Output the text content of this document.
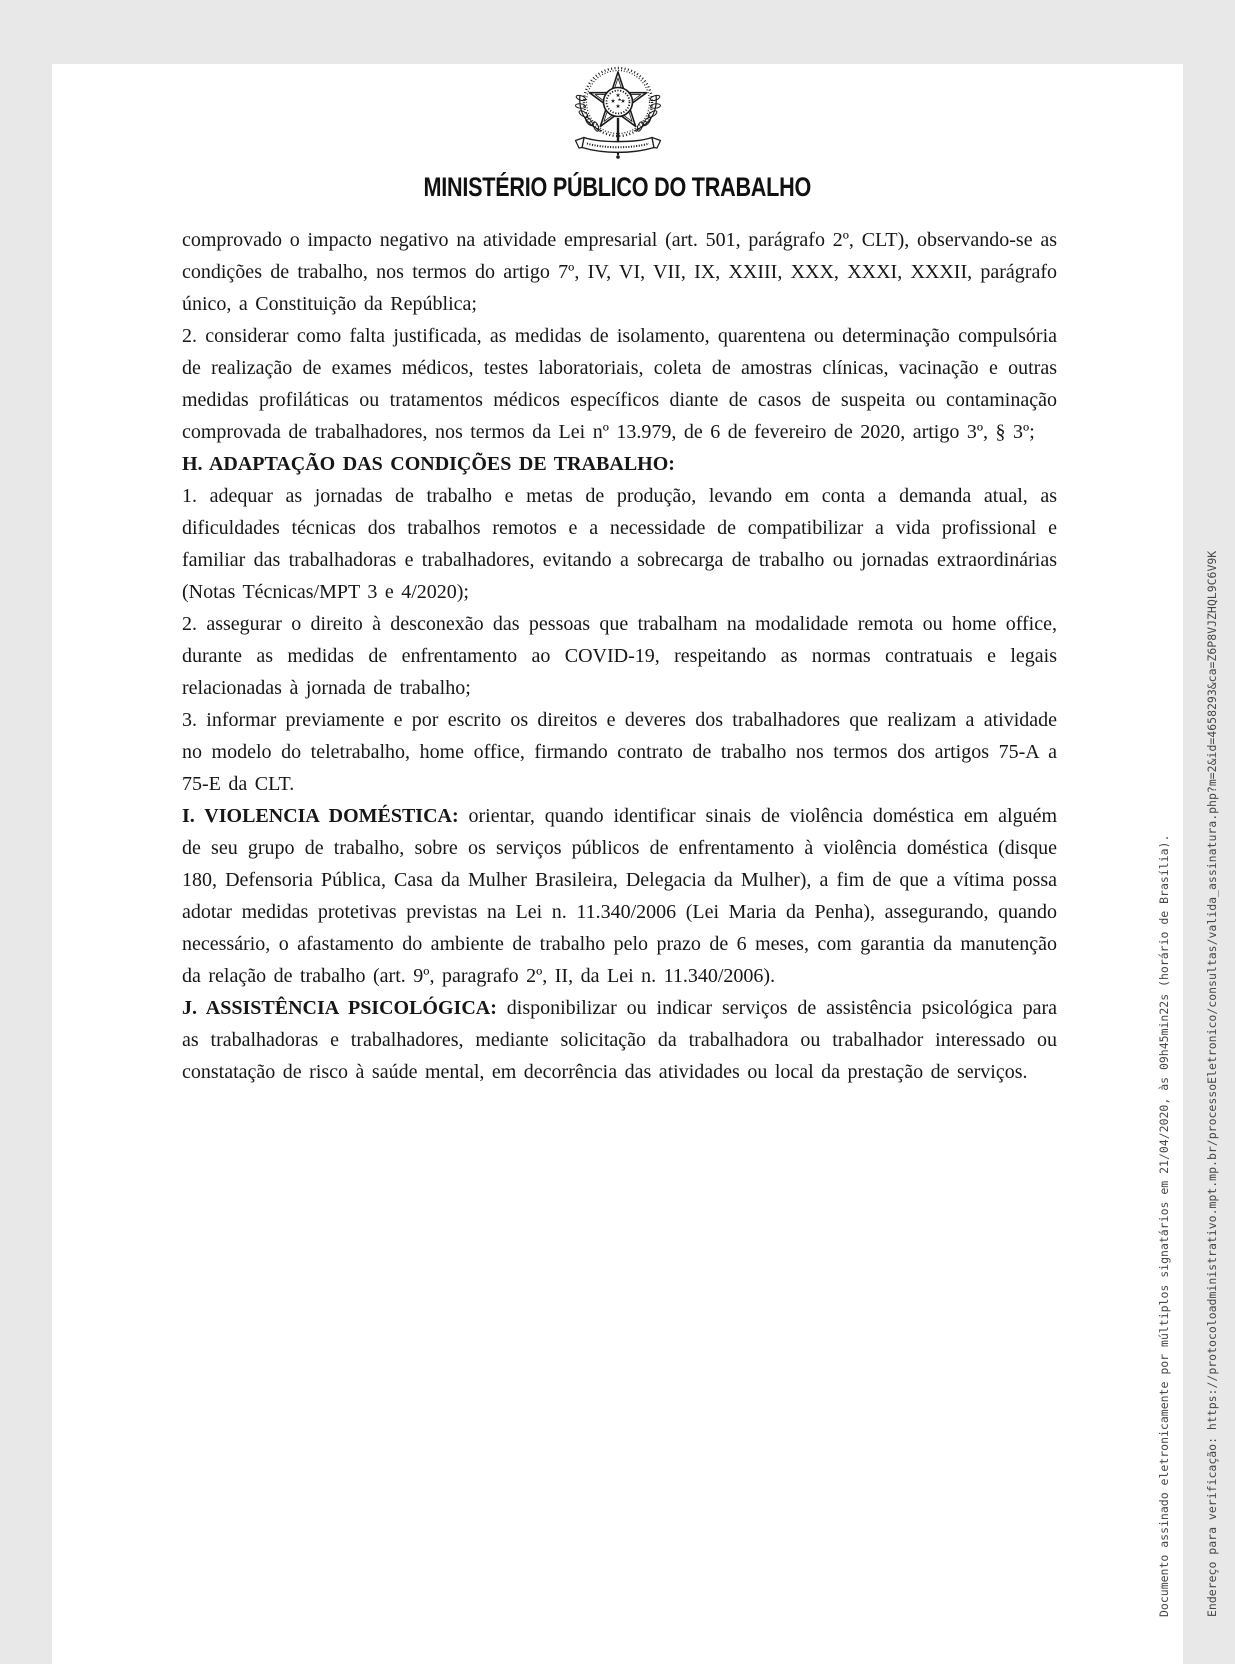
MINISTÉRIO PÚBLICO DO TRABALHO

comprovado o impacto negativo na atividade empresarial (art. 501, parágrafo 2º, CLT), observando-se as condições de trabalho, nos termos do artigo 7º, IV, VI, VII, IX, XXIII, XXX, XXXI, XXXII, parágrafo único, a Constituição da República;

2. considerar como falta justificada, as medidas de isolamento, quarentena ou determinação compulsória de realização de exames médicos, testes laboratoriais, coleta de amostras clínicas, vacinação e outras medidas profiláticas ou tratamentos médicos específicos diante de casos de suspeita ou contaminação comprovada de trabalhadores, nos termos da Lei nº 13.979, de 6 de fevereiro de 2020, artigo 3º, § 3º;

H. ADAPTAÇÃO DAS CONDIÇÕES DE TRABALHO:

1. adequar as jornadas de trabalho e metas de produção, levando em conta a demanda atual, as dificuldades técnicas dos trabalhos remotos e a necessidade de compatibilizar a vida profissional e familiar das trabalhadoras e trabalhadores, evitando a sobrecarga de trabalho ou jornadas extraordinárias (Notas Técnicas/MPT 3 e 4/2020);

2. assegurar o direito à desconexão das pessoas que trabalham na modalidade remota ou home office, durante as medidas de enfrentamento ao COVID-19, respeitando as normas contratuais e legais relacionadas à jornada de trabalho;

3. informar previamente e por escrito os direitos e deveres dos trabalhadores que realizam a atividade no modelo do teletrabalho, home office, firmando contrato de trabalho nos termos dos artigos 75-A a 75-E da CLT.

I. VIOLENCIA DOMÉSTICA: orientar, quando identificar sinais de violência doméstica em alguém de seu grupo de trabalho, sobre os serviços públicos de enfrentamento à violência doméstica (disque 180, Defensoria Pública, Casa da Mulher Brasileira, Delegacia da Mulher), a fim de que a vítima possa adotar medidas protetivas previstas na Lei n. 11.340/2006 (Lei Maria da Penha), assegurando, quando necessário, o afastamento do ambiente de trabalho pelo prazo de 6 meses, com garantia da manutenção da relação de trabalho (art. 9º, paragrafo 2º, II, da Lei n. 11.340/2006).

J. ASSISTÊNCIA PSICOLÓGICA: disponibilizar ou indicar serviços de assistência psicológica para as trabalhadoras e trabalhadores, mediante solicitação da trabalhadora ou trabalhador interessado ou constatação de risco à saúde mental, em decorrência das atividades ou local da prestação de serviços.

	Documento assinado eletronicamente por múltiplos signatários em 21/04/2020, às 09h45min22s (horário de Brasília).

	Endereço para verificação: https://protocoloadministrativo.mpt.mp.br/processoEletronico/consultas/valida_assinatura.php?m=2&id=4658293&ca=Z6P8VJZHQL9C6V9K
